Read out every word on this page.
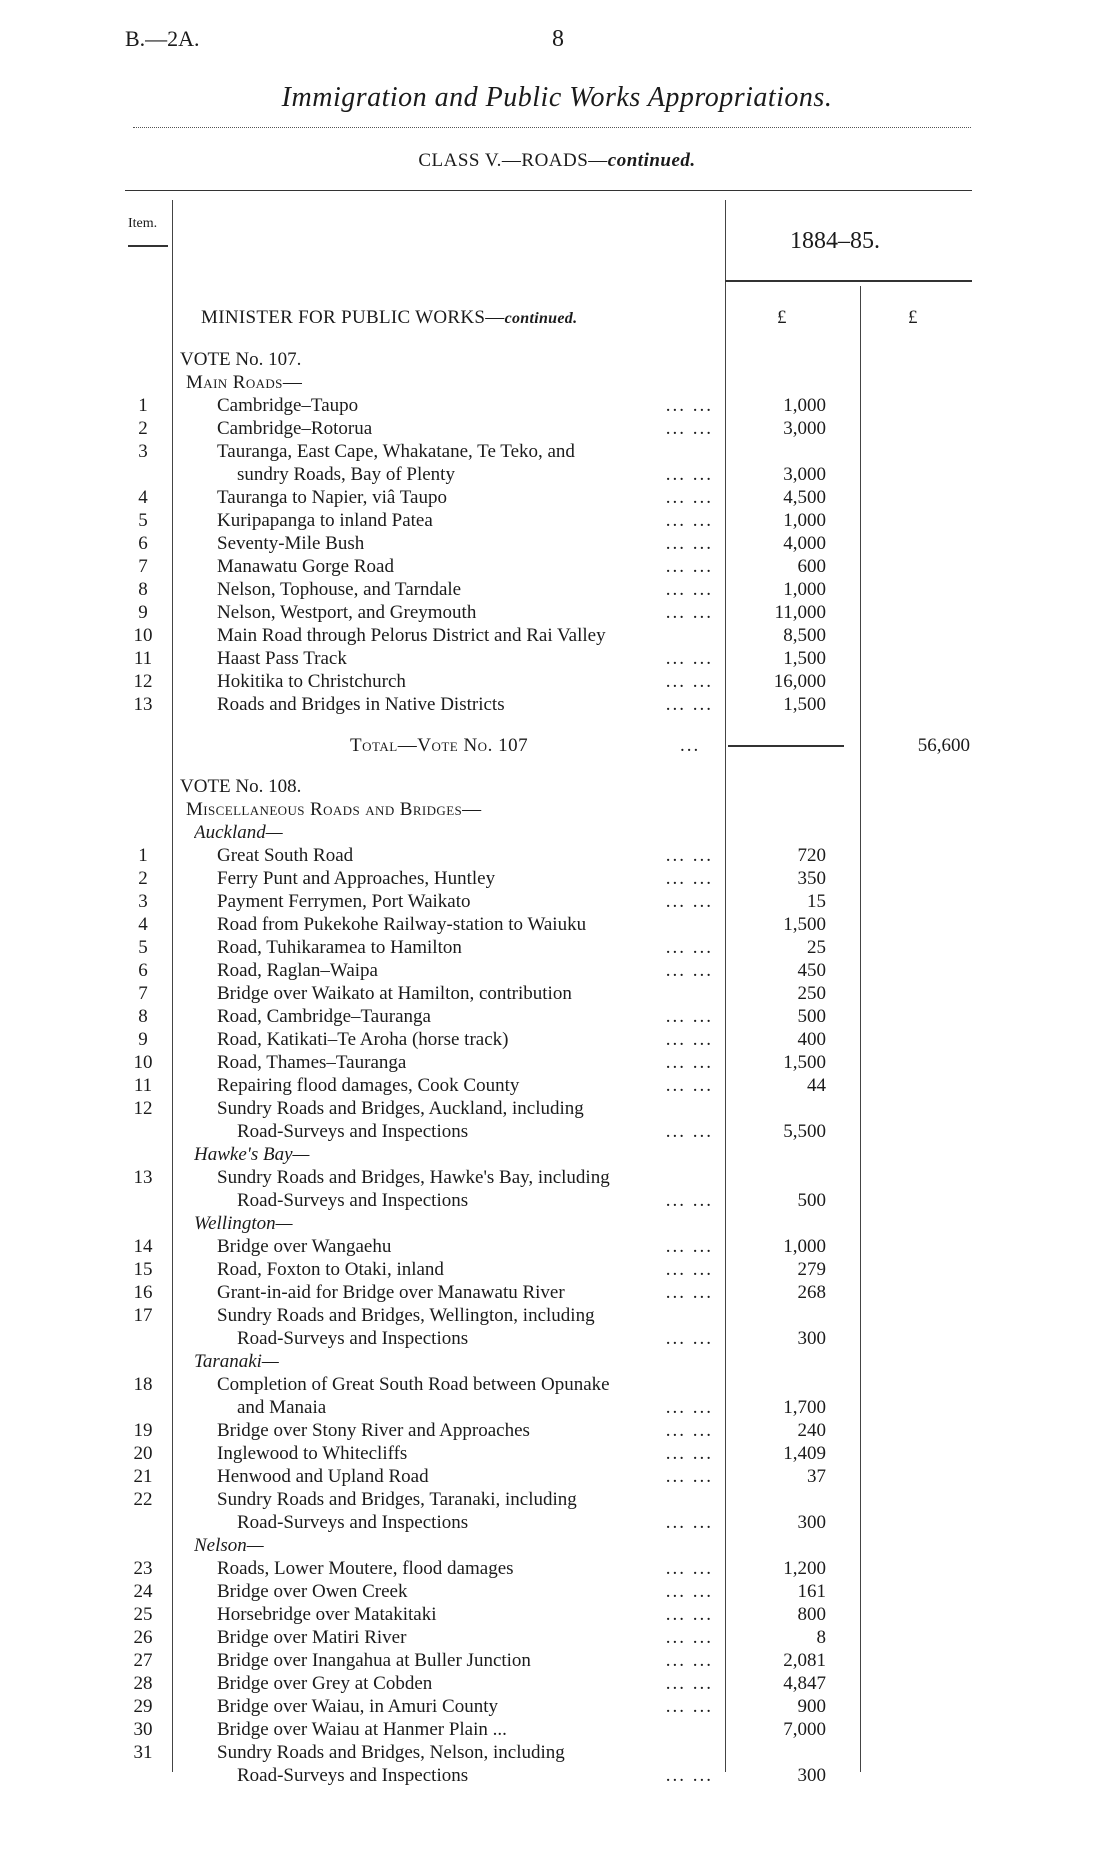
B.—2A.	8
Immigration and Public Works Appropriations.
CLASS V.—ROADS—continued.
Item.
1884–85.
MINISTER FOR PUBLIC WORKS—continued.	£	£
VOTE No. 107.
Main Roads—
1	Cambridge–Taupo	... ...	1,000
2	Cambridge–Rotorua	... ...	3,000
3	Tauranga, East Cape, Whakatane, Te Teko, and
sundry Roads, Bay of Plenty	... ...	3,000
4	Tauranga to Napier, viâ Taupo	... ...	4,500
5	Kuripapanga to inland Patea	... ...	1,000
6	Seventy-Mile Bush	... ...	4,000
7	Manawatu Gorge Road	... ...	600
8	Nelson, Tophouse, and Tarndale	... ...	1,000
9	Nelson, Westport, and Greymouth	... ...	11,000
10	Main Road through Pelorus District and Rai Valley	8,500
11	Haast Pass Track	... ...	1,500
12	Hokitika to Christchurch	... ...	16,000
13	Roads and Bridges in Native Districts	... ...	1,500
Total—Vote No. 107	...	56,600
VOTE No. 108.
Miscellaneous Roads and Bridges—
Auckland—
1	Great South Road	... ...	720
2	Ferry Punt and Approaches, Huntley	... ...	350
3	Payment Ferrymen, Port Waikato	... ...	15
4	Road from Pukekohe Railway-station to Waiuku	1,500
5	Road, Tuhikaramea to Hamilton	... ...	25
6	Road, Raglan–Waipa	... ...	450
7	Bridge over Waikato at Hamilton, contribution	250
8	Road, Cambridge–Tauranga	... ...	500
9	Road, Katikati–Te Aroha (horse track)	... ...	400
10	Road, Thames–Tauranga	... ...	1,500
11	Repairing flood damages, Cook County	... ...	44
12	Sundry Roads and Bridges, Auckland, including
Road-Surveys and Inspections	... ...	5,500
Hawke's Bay—
13	Sundry Roads and Bridges, Hawke's Bay, including
Road-Surveys and Inspections	... ...	500
Wellington—
14	Bridge over Wangaehu	... ...	1,000
15	Road, Foxton to Otaki, inland	... ...	279
16	Grant-in-aid for Bridge over Manawatu River	... ...	268
17	Sundry Roads and Bridges, Wellington, including
Road-Surveys and Inspections	... ...	300
Taranaki—
18	Completion of Great South Road between Opunake
and Manaia	... ...	1,700
19	Bridge over Stony River and Approaches	... ...	240
20	Inglewood to Whitecliffs	... ...	1,409
21	Henwood and Upland Road	... ...	37
22	Sundry Roads and Bridges, Taranaki, including
Road-Surveys and Inspections	... ...	300
Nelson—
23	Roads, Lower Moutere, flood damages	... ...	1,200
24	Bridge over Owen Creek	... ...	161
25	Horsebridge over Matakitaki	... ...	800
26	Bridge over Matiri River	... ...	8
27	Bridge over Inangahua at Buller Junction	... ...	2,081
28	Bridge over Grey at Cobden	... ...	4,847
29	Bridge over Waiau, in Amuri County	... ...	900
30	Bridge over Waiau at Hanmer Plain ...	7,000
31	Sundry Roads and Bridges, Nelson, including
Road-Surveys and Inspections	... ...	300
